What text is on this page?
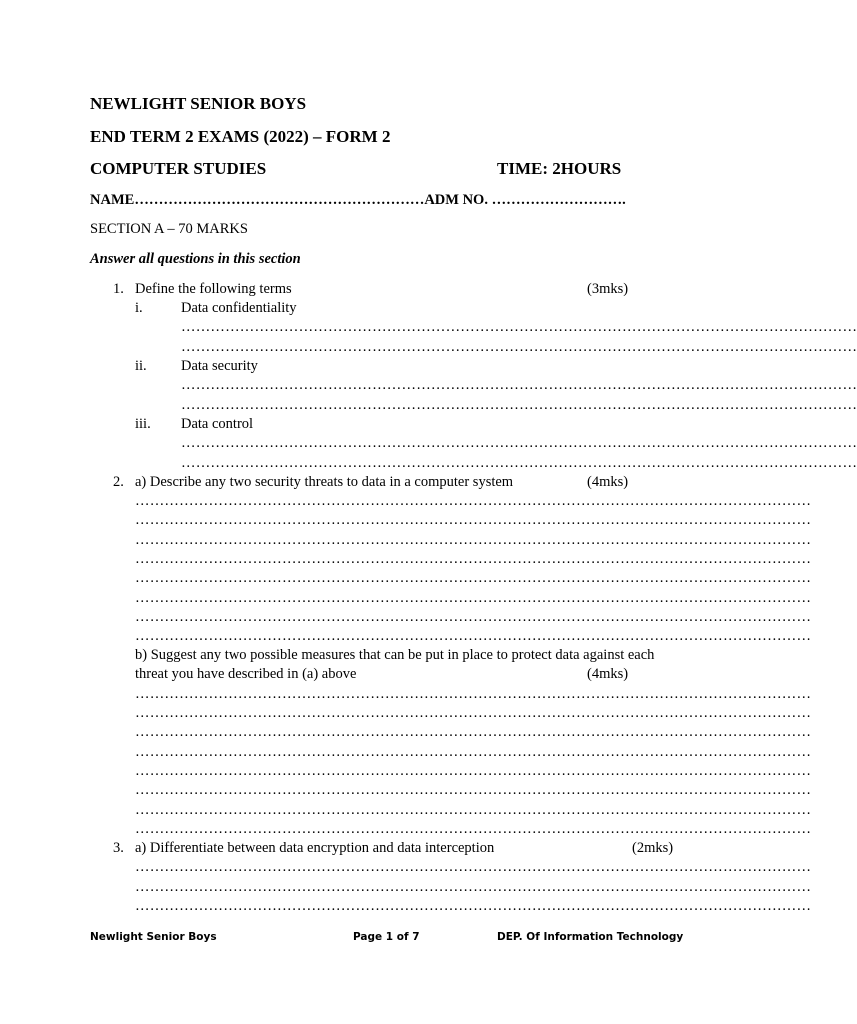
NEWLIGHT SENIOR BOYS
END TERM 2 EXAMS (2022) – FORM 2
COMPUTER STUDIES	TIME: 2HOURS
NAME……………………………………………………ADM NO. ……………………….
SECTION A – 70 MARKS
Answer all questions in this section
1. Define the following terms	(3mks)
i.	Data confidentiality
…………………………………………………………………………………………………………………………
…………………………………………………………………………………………………………………………
ii. Data security
…………………………………………………………………………………………………………………………
…………………………………………………………………………………………………………………………
iii. Data control
…………………………………………………………………………………………………………………………
…………………………………………………………………………………………………………………………
2. a) Describe any two security threats to data in a computer system	(4mks)
…………………………………………………………………………………………………………………………
…………………………………………………………………………………………………………………………
…………………………………………………………………………………………………………………………
…………………………………………………………………………………………………………………………
…………………………………………………………………………………………………………………………
…………………………………………………………………………………………………………………………
…………………………………………………………………………………………………………………………
…………………………………………………………………………………………………………………………
b) Suggest any two possible measures that can be put in place to protect data against each
threat you have described in (a) above	(4mks)
…………………………………………………………………………………………………………………………
…………………………………………………………………………………………………………………………
…………………………………………………………………………………………………………………………
…………………………………………………………………………………………………………………………
…………………………………………………………………………………………………………………………
…………………………………………………………………………………………………………………………
…………………………………………………………………………………………………………………………
…………………………………………………………………………………………………………………………
3. a) Differentiate between data encryption and data interception	(2mks)
…………………………………………………………………………………………………………………………
…………………………………………………………………………………………………………………………
…………………………………………………………………………………………………………………………
Newlight Senior Boys	Page 1 of 7	DEP. Of Information Technology
